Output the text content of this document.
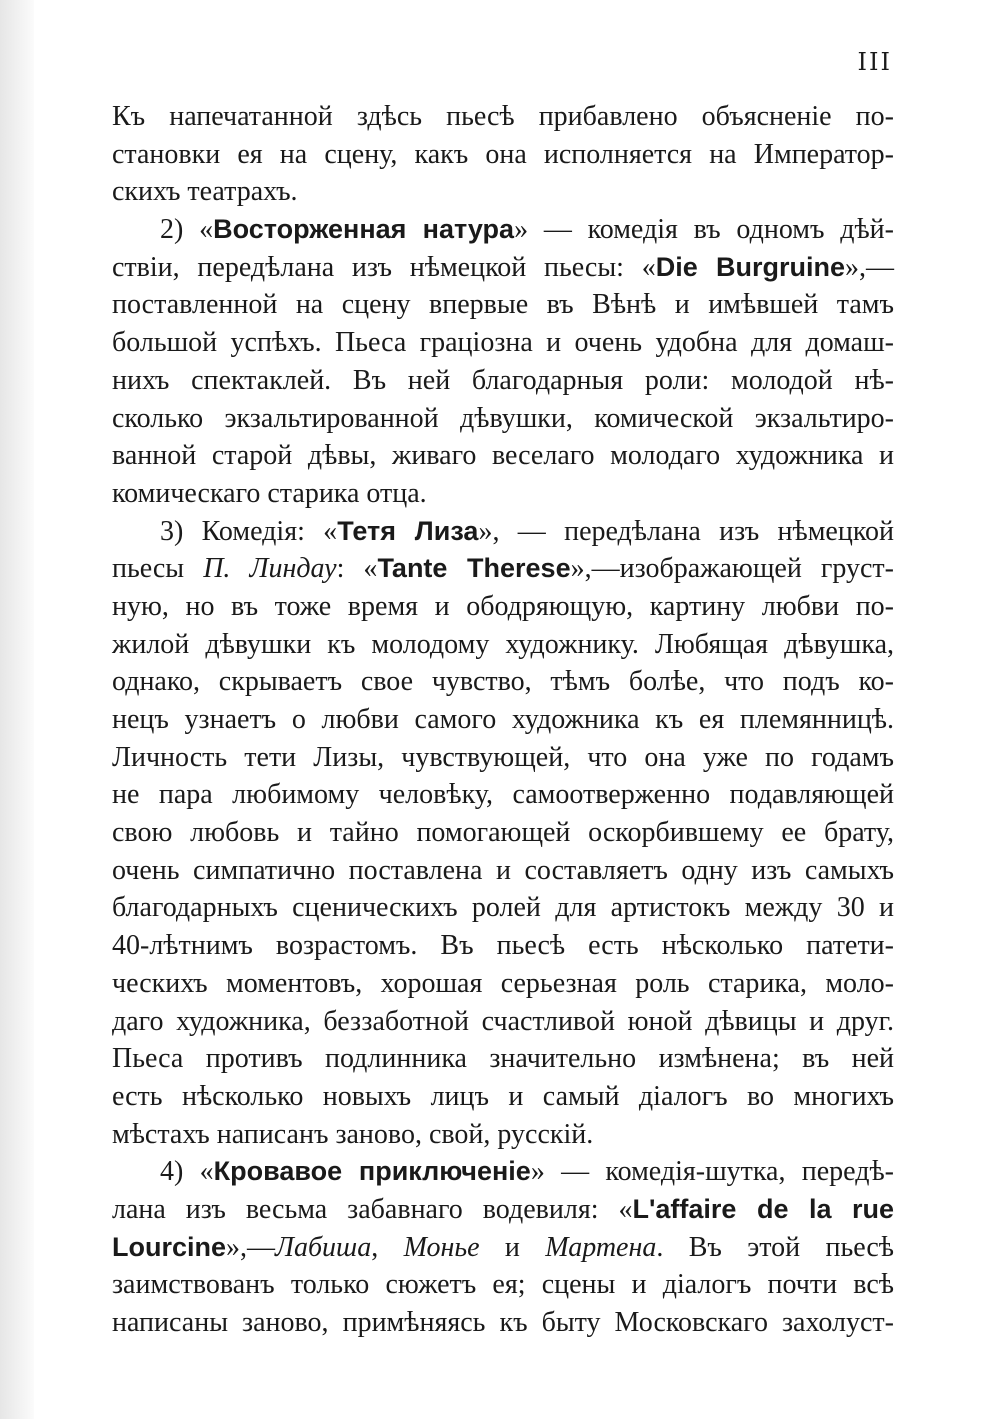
III
Къ напечатанной здѣсь пьесѣ прибавлено объясненіе по-
становки ея на сцену, какъ она исполняется на Император-
скихъ театрахъ.
2) «Восторженная натура» — комедія въ одномъ дѣй-
ствіи, передѣлана изъ нѣмецкой пьесы: «Die Burgruine»,—
поставленной на сцену впервые въ Вѣнѣ и имѣвшей тамъ
большой успѣхъ. Пьеса граціозна и очень удобна для домаш-
нихъ спектаклей. Въ ней благодарныя роли: молодой нѣ-
сколько экзальтированной дѣвушки, комической экзальтиро-
ванной старой дѣвы, живаго веселаго молодаго художника и
комическаго старика отца.
3) Комедія: «Тетя Лиза», — передѣлана изъ нѣмецкой
пьесы П. Линдау: «Tante Therese»,—изображающей груст-
ную, но въ тоже время и ободряющую, картину любви по-
жилой дѣвушки къ молодому художнику. Любящая дѣвушка,
однако, скрываетъ свое чувство, тѣмъ болѣе, что подъ ко-
нецъ узнаетъ о любви самого художника къ ея племянницѣ.
Личность тети Лизы, чувствующей, что она уже по годамъ
не пара любимому человѣку, самоотверженно подавляющей
свою любовь и тайно помогающей оскорбившему ее брату,
очень симпатично поставлена и составляетъ одну изъ самыхъ
благодарныхъ сценическихъ ролей для артистокъ между 30 и
40-лѣтнимъ возрастомъ. Въ пьесѣ есть нѣсколько патети-
ческихъ моментовъ, хорошая серьезная роль старика, моло-
даго художника, беззаботной счастливой юной дѣвицы и друг.
Пьеса противъ подлинника значительно измѣнена; въ ней
есть нѣсколько новыхъ лицъ и самый діалогъ во многихъ
мѣстахъ написанъ заново, свой, русскій.
4) «Кровавое приключеніе» — комедія-шутка, передѣ-
лана изъ весьма забавнаго водевиля: «L'affaire de la rue
Lourcine»,—Лабиша, Монье и Мартена. Въ этой пьесѣ
заимствованъ только сюжетъ ея; сцены и діалогъ почти всѣ
написаны заново, примѣняясь къ быту Московскаго захолуст-
